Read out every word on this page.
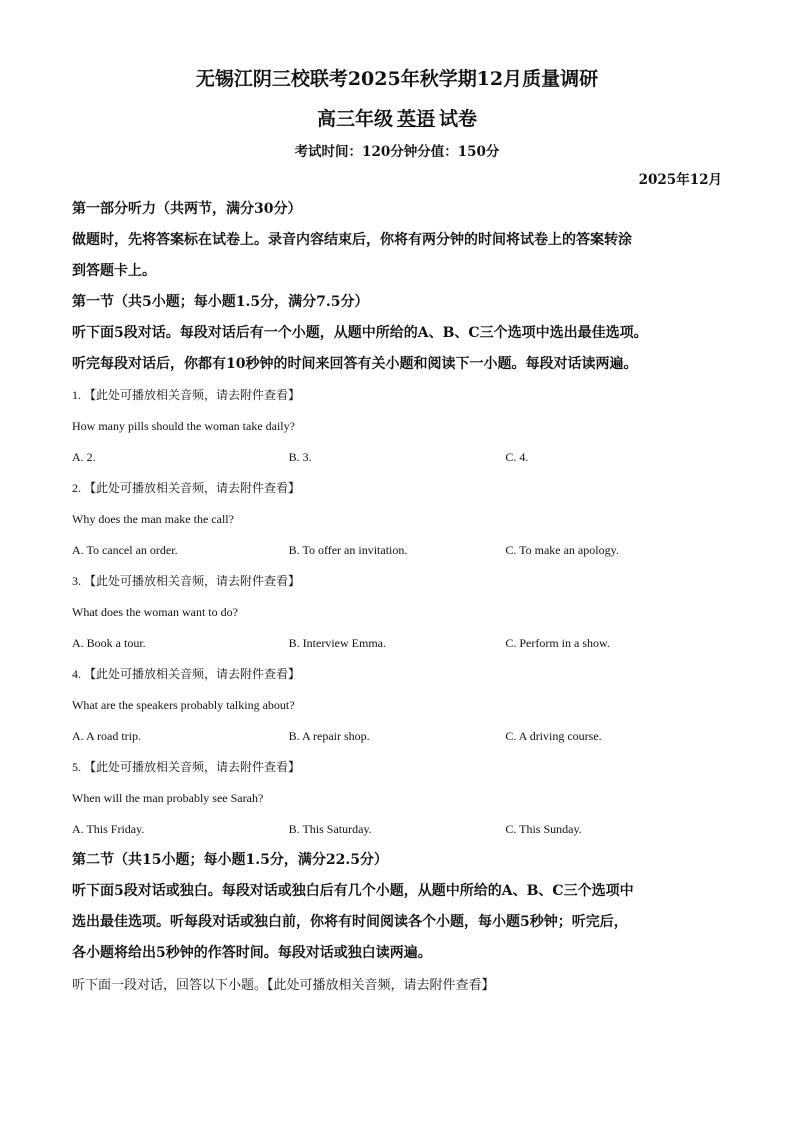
无锡江阴三校联考2025年秋学期12月质量调研
高三年级 英语 试卷
考试时间：120分钟分值：150分
2025年12月
第一部分听力（共两节，满分30分）
做题时，先将答案标在试卷上。录音内容结束后，你将有两分钟的时间将试卷上的答案转涂
到答题卡上。
第一节（共5小题；每小题1.5分，满分7.5分）
听下面5段对话。每段对话后有一个小题，从题中所给的A、B、C三个选项中选出最佳选项。
听完每段对话后，你都有10秒钟的时间来回答有关小题和阅读下一小题。每段对话读两遍。
1. 【此处可播放相关音频，请去附件查看】
How many pills should the woman take daily?
A. 2.	B. 3.	C. 4.
2. 【此处可播放相关音频，请去附件查看】
Why does the man make the call?
A. To cancel an order.	B. To offer an invitation.	C. To make an apology.
3. 【此处可播放相关音频，请去附件查看】
What does the woman want to do?
A. Book a tour.	B. Interview Emma.	C. Perform in a show.
4. 【此处可播放相关音频，请去附件查看】
What are the speakers probably talking about?
A. A road trip.	B. A repair shop.	C. A driving course.
5. 【此处可播放相关音频，请去附件查看】
When will the man probably see Sarah?
A. This Friday.	B. This Saturday.	C. This Sunday.
第二节（共15小题；每小题1.5分，满分22.5分）
听下面5段对话或独白。每段对话或独白后有几个小题，从题中所给的A、B、C三个选项中
选出最佳选项。听每段对话或独白前，你将有时间阅读各个小题，每小题5秒钟；听完后，
各小题将给出5秒钟的作答时间。每段对话或独白读两遍。
听下面一段对话，回答以下小题。【此处可播放相关音频，请去附件查看】
